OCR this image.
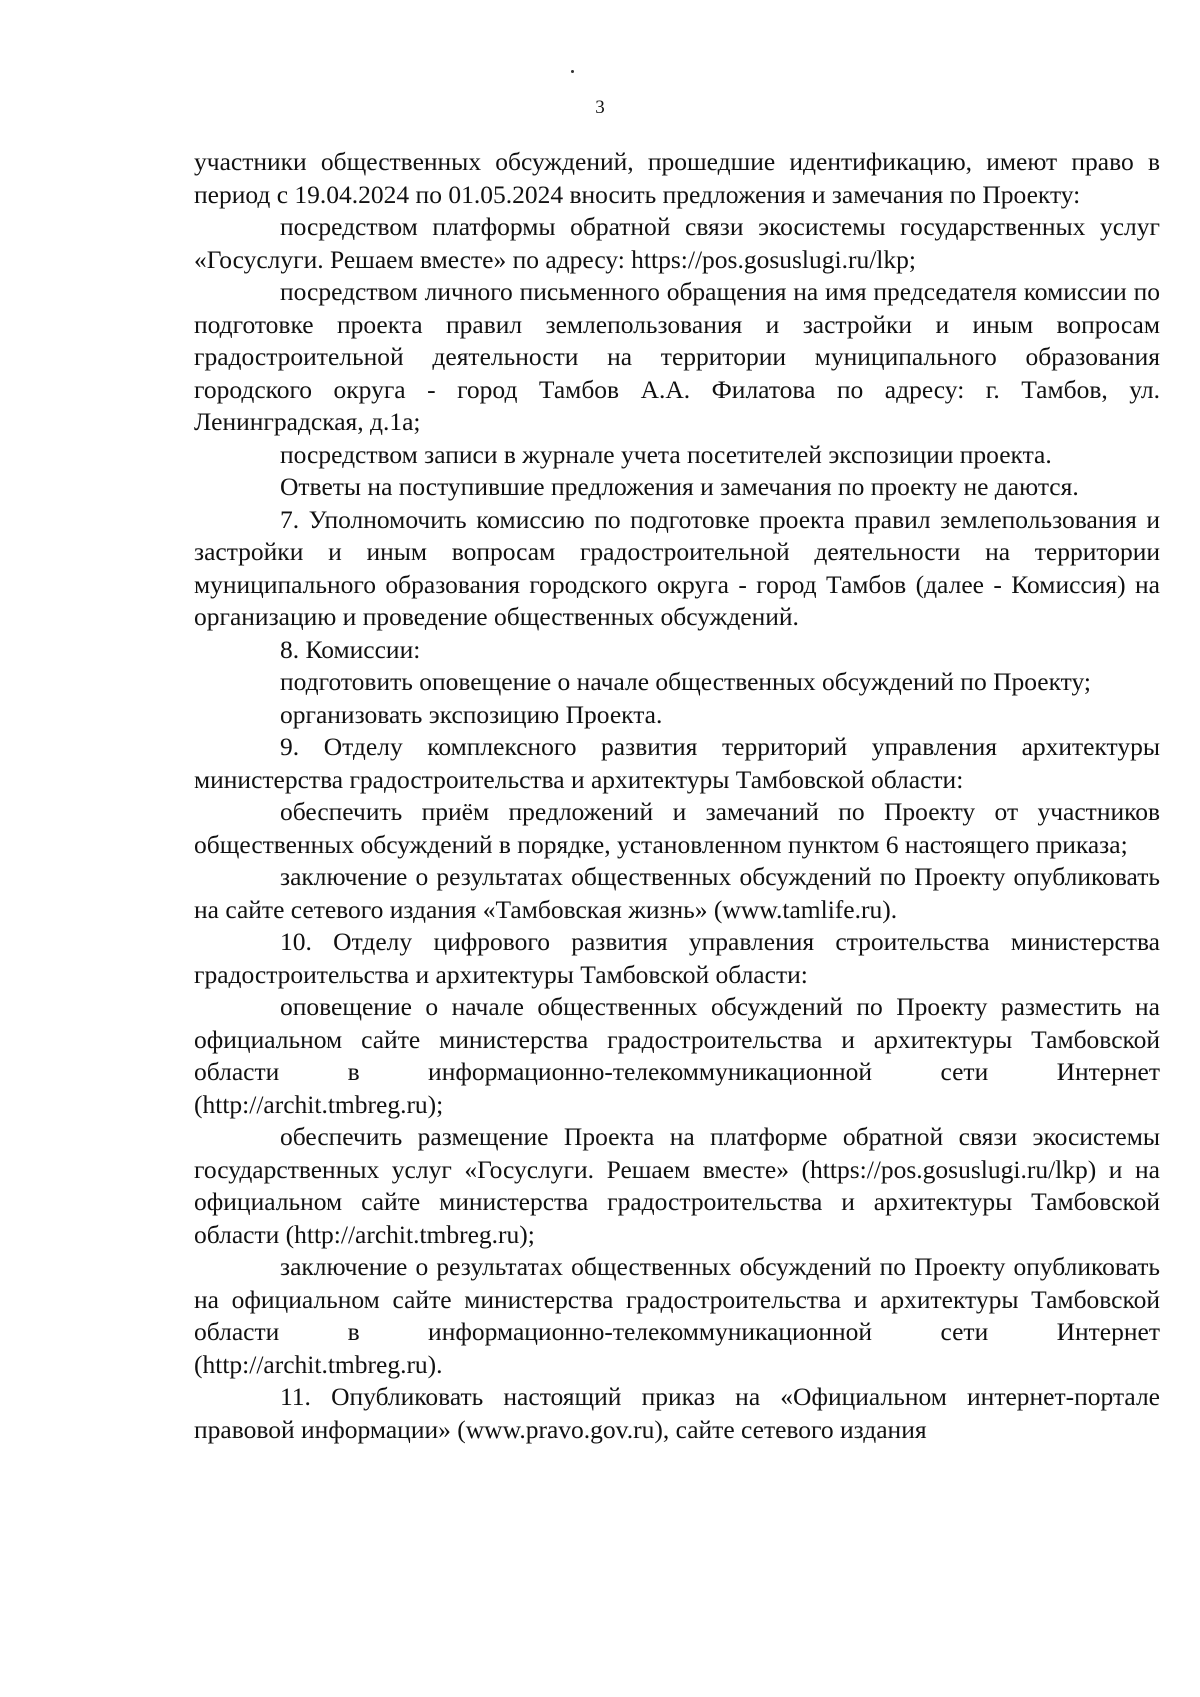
3

участники общественных обсуждений, прошедшие идентификацию, имеют право в период с 19.04.2024 по 01.05.2024 вносить предложения и замечания по Проекту:

посредством платформы обратной связи экосистемы государственных услуг «Госуслуги. Решаем вместе» по адресу: https://pos.gosuslugi.ru/lkp;

посредством личного письменного обращения на имя председателя комиссии по подготовке проекта правил землепользования и застройки и иным вопросам градостроительной деятельности на территории муниципального образования городского округа - город Тамбов А.А. Филатова по адресу: г. Тамбов, ул. Ленинградская, д.1а;

посредством записи в журнале учета посетителей экспозиции проекта.

Ответы на поступившие предложения и замечания по проекту не даются.

7. Уполномочить комиссию по подготовке проекта правил землепользования и застройки и иным вопросам градостроительной деятельности на территории муниципального образования городского округа - город Тамбов (далее - Комиссия) на организацию и проведение общественных обсуждений.

8. Комиссии:

подготовить оповещение о начале общественных обсуждений по Проекту;

организовать экспозицию Проекта.

9. Отделу комплексного развития территорий управления архитектуры министерства градостроительства и архитектуры Тамбовской области:

обеспечить приём предложений и замечаний по Проекту от участников общественных обсуждений в порядке, установленном пунктом 6 настоящего приказа;

заключение о результатах общественных обсуждений по Проекту опубликовать на сайте сетевого издания «Тамбовская жизнь» (www.tamlife.ru).

10. Отделу цифрового развития управления строительства министерства градостроительства и архитектуры Тамбовской области:

оповещение о начале общественных обсуждений по Проекту разместить на официальном сайте министерства градостроительства и архитектуры Тамбовской области в информационно-телекоммуникационной сети Интернет (http://archit.tmbreg.ru);

обеспечить размещение Проекта на платформе обратной связи экосистемы государственных услуг «Госуслуги. Решаем вместе» (https://pos.gosuslugi.ru/lkp) и на официальном сайте министерства градостроительства и архитектуры Тамбовской области (http://archit.tmbreg.ru);

заключение о результатах общественных обсуждений по Проекту опубликовать на официальном сайте министерства градостроительства и архитектуры Тамбовской области в информационно-телекоммуникационной сети Интернет (http://archit.tmbreg.ru).

11. Опубликовать настоящий приказ на «Официальном интернет-портале правовой информации» (www.pravo.gov.ru), сайте сетевого издания
